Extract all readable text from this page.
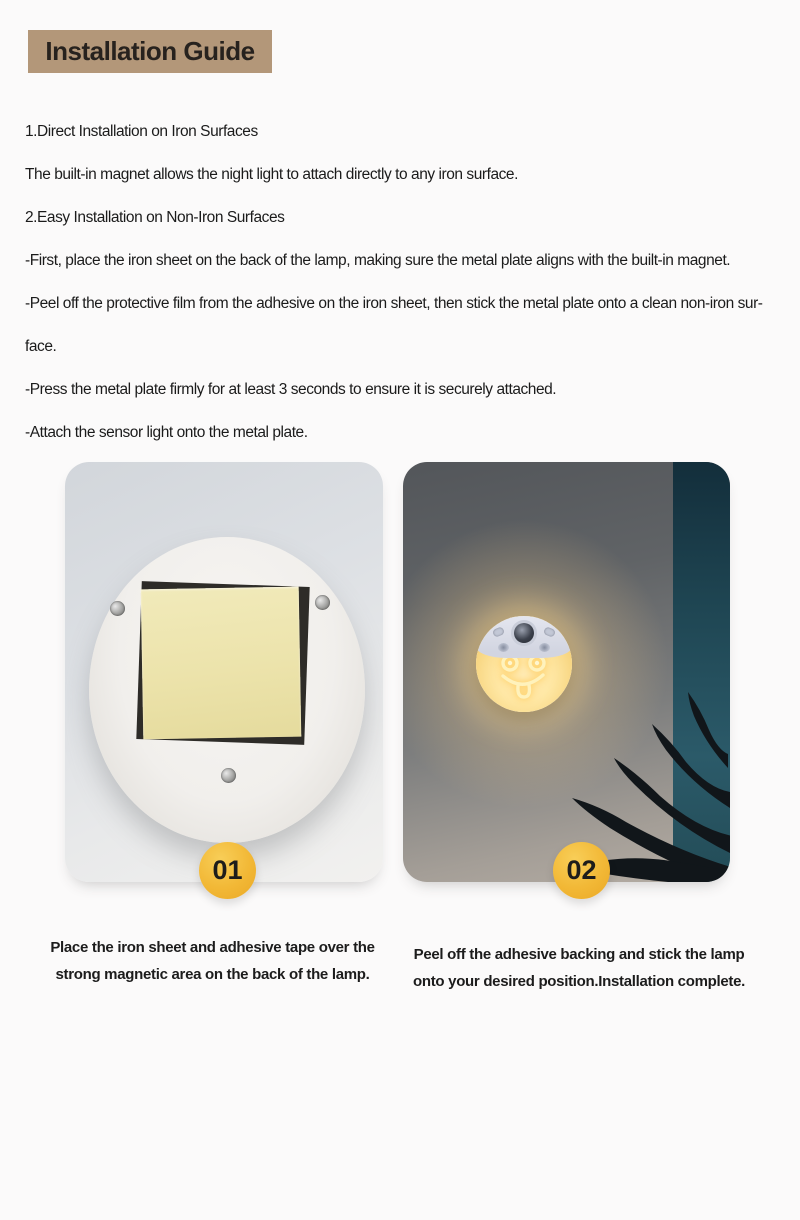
Installation Guide
1.Direct Installation on Iron Surfaces
The built-in magnet allows the night light to attach directly to any iron surface.
2.Easy Installation on Non-Iron Surfaces
-First, place the iron sheet on the back of the lamp, making sure the metal plate aligns with the built-in magnet.
-Peel off the protective film from the adhesive on the iron sheet, then stick the metal plate onto a clean non-iron sur-
face.
-Press the metal plate firmly for at least 3 seconds to ensure it is securely attached.
-Attach the sensor light onto the metal plate.
01	02
Place the iron sheet and adhesive tape over the
strong magnetic area on the back of the lamp.
Peel off the adhesive backing and stick the lamp
onto your desired position.Installation complete.
